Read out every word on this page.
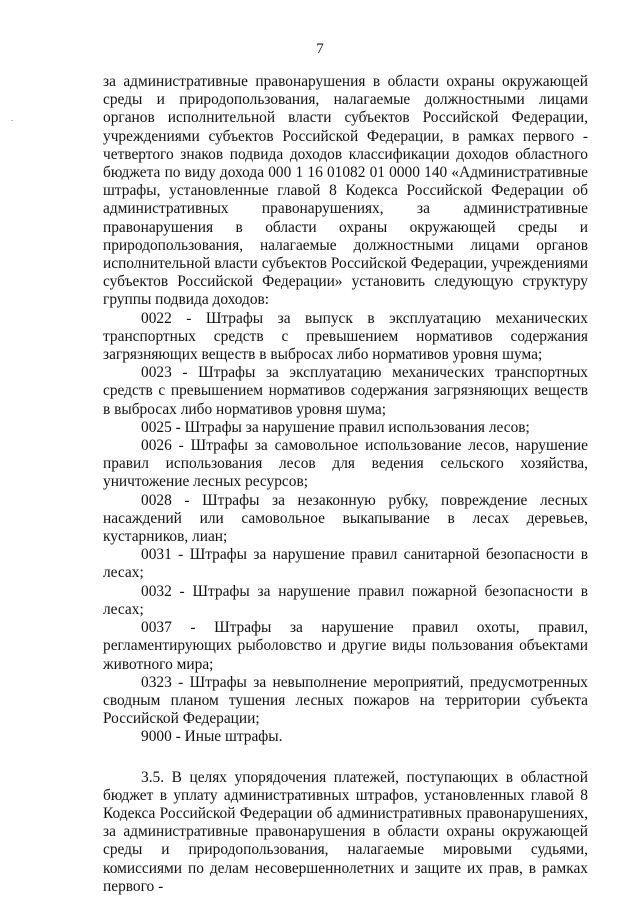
.
7

за административные правонарушения в области охраны окружающей среды и природопользования, налагаемые должностными лицами органов исполнительной власти субъектов Российской Федерации, учреждениями субъектов Российской Федерации, в рамках первого - четвертого знаков подвида доходов классификации доходов областного бюджета по виду дохода 000 1 16 01082 01 0000 140 «Административные штрафы, установленные главой 8 Кодекса Российской Федерации об административных правонарушениях, за административные правонарушения в области охраны окружающей среды и природопользования, налагаемые должностными лицами органов исполнительной власти субъектов Российской Федерации, учреждениями субъектов Российской Федерации» установить следующую структуру группы подвида доходов:

0022 - Штрафы за выпуск в эксплуатацию механических транспортных средств с превышением нормативов содержания загрязняющих веществ в выбросах либо нормативов уровня шума;

0023 - Штрафы за эксплуатацию механических транспортных средств с превышением нормативов содержания загрязняющих веществ в выбросах либо нормативов уровня шума;

0025 - Штрафы за нарушение правил использования лесов;

0026 - Штрафы за самовольное использование лесов, нарушение правил использования лесов для ведения сельского хозяйства, уничтожение лесных ресурсов;

0028 - Штрафы за незаконную рубку, повреждение лесных насаждений или самовольное выкапывание в лесах деревьев, кустарников, лиан;

0031 - Штрафы за нарушение правил санитарной безопасности в лесах;

0032 - Штрафы за нарушение правил пожарной безопасности в лесах;

0037 - Штрафы за нарушение правил охоты, правил, регламентирующих рыболовство и другие виды пользования объектами животного мира;

0323 - Штрафы за невыполнение мероприятий, предусмотренных сводным планом тушения лесных пожаров на территории субъекта Российской Федерации;

9000 - Иные штрафы.

3.5. В целях упорядочения платежей, поступающих в областной бюджет в уплату административных штрафов, установленных главой 8 Кодекса Российской Федерации об административных правонарушениях, за административные правонарушения в области охраны окружающей среды и природопользования, налагаемые мировыми судьями, комиссиями по делам несовершеннолетних и защите их прав, в рамках первого -
